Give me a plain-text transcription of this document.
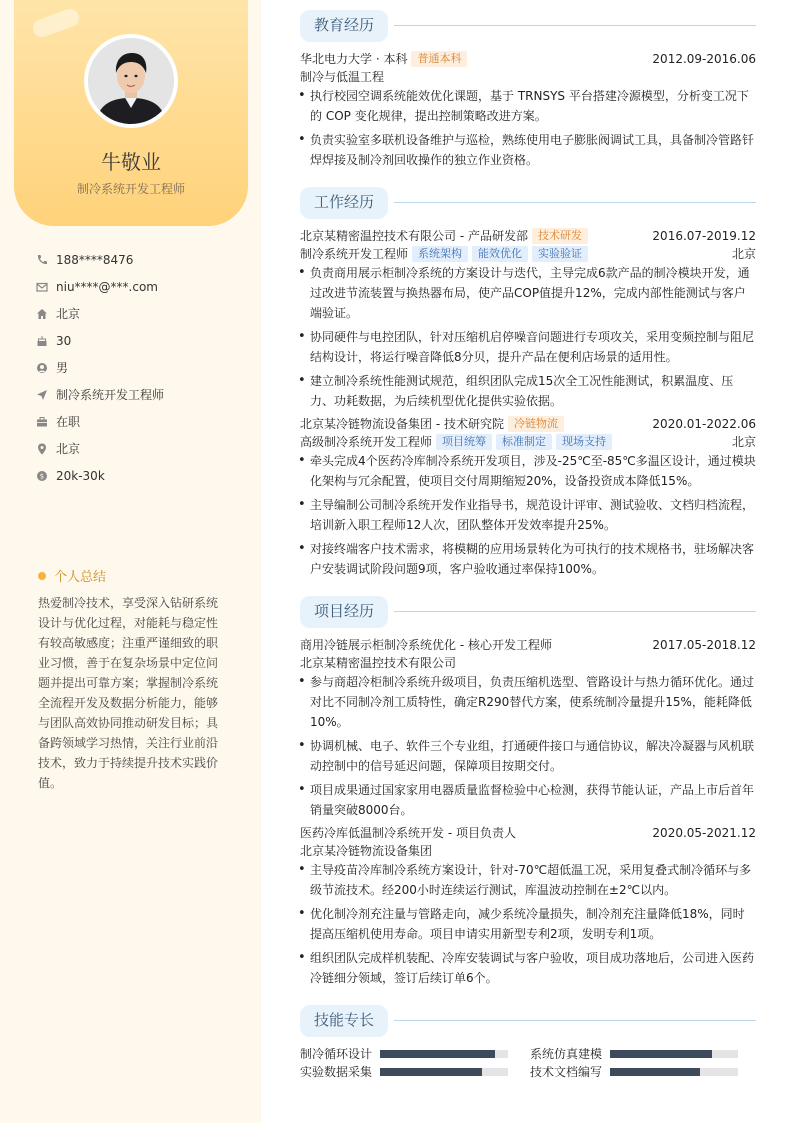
牛敬业
制冷系统开发工程师
188****8476
niu****@***.com
北京
30
男
制冷系统开发工程师
在职
北京
$ 20k-30k
个人总结
热爱制冷技术，享受深入钻研系统设计与优化过程，对能耗与稳定性有较高敏感度；注重严谨细致的职业习惯，善于在复杂场景中定位问题并提出可靠方案；掌握制冷系统全流程开发及数据分析能力，能够与团队高效协同推动研发目标；具备跨领域学习热情，关注行业前沿技术，致力于持续提升技术实践价值。
教育经历
华北电力大学 · 本科 普通本科	2012.09-2016.06
制冷与低温工程
• 执行校园空调系统能效优化课题，基于 TRNSYS 平台搭建冷源模型，分析变工况下的 COP 变化规律，提出控制策略改进方案。
• 负责实验室多联机设备维护与巡检，熟练使用电子膨胀阀调试工具，具备制冷管路钎焊焊接及制冷剂回收操作的独立作业资格。
工作经历
北京某精密温控技术有限公司 - 产品研发部 技术研发	2016.07-2019.12
制冷系统开发工程师 系统架构 能效优化 实验验证	北京
• 负责商用展示柜制冷系统的方案设计与迭代，主导完成6款产品的制冷模块开发，通过改进节流装置与换热器布局，使产品COP值提升12%，完成内部性能测试与客户端验证。
• 协同硬件与电控团队，针对压缩机启停噪音问题进行专项攻关，采用变频控制与阻尼结构设计，将运行噪音降低8分贝，提升产品在便利店场景的适用性。
• 建立制冷系统性能测试规范，组织团队完成15次全工况性能测试，积累温度、压力、功耗数据，为后续机型优化提供实验依据。
北京某冷链物流设备集团 - 技术研究院 冷链物流	2020.01-2022.06
高级制冷系统开发工程师 项目统筹 标准制定 现场支持	北京
• 牵头完成4个医药冷库制冷系统开发项目，涉及-25℃至-85℃多温区设计，通过模块化架构与冗余配置，使项目交付周期缩短20%，设备投资成本降低15%。
• 主导编制公司制冷系统开发作业指导书，规范设计评审、测试验收、文档归档流程，培训新入职工程师12人次，团队整体开发效率提升25%。
• 对接终端客户技术需求，将模糊的应用场景转化为可执行的技术规格书，驻场解决客户安装调试阶段问题9项，客户验收通过率保持100%。
项目经历
商用冷链展示柜制冷系统优化 - 核心开发工程师	2017.05-2018.12
北京某精密温控技术有限公司
• 参与商超冷柜制冷系统升级项目，负责压缩机选型、管路设计与热力循环优化。通过对比不同制冷剂工质特性，确定R290替代方案，使系统制冷量提升15%，能耗降低10%。
• 协调机械、电子、软件三个专业组，打通硬件接口与通信协议，解决冷凝器与风机联动控制中的信号延迟问题，保障项目按期交付。
• 项目成果通过国家家用电器质量监督检验中心检测，获得节能认证，产品上市后首年销量突破8000台。
医药冷库低温制冷系统开发 - 项目负责人	2020.05-2021.12
北京某冷链物流设备集团
• 主导疫苗冷库制冷系统方案设计，针对-70℃超低温工况，采用复叠式制冷循环与多级节流技术。经200小时连续运行测试，库温波动控制在±2℃以内。
• 优化制冷剂充注量与管路走向，减少系统冷量损失，制冷剂充注量降低18%，同时提高压缩机使用寿命。项目申请实用新型专利2项，发明专利1项。
• 组织团队完成样机装配、冷库安装调试与客户验收，项目成功落地后，公司进入医药冷链细分领域，签订后续订单6个。
技能专长
制冷循环设计	系统仿真建模
实验数据采集	技术文档编写
